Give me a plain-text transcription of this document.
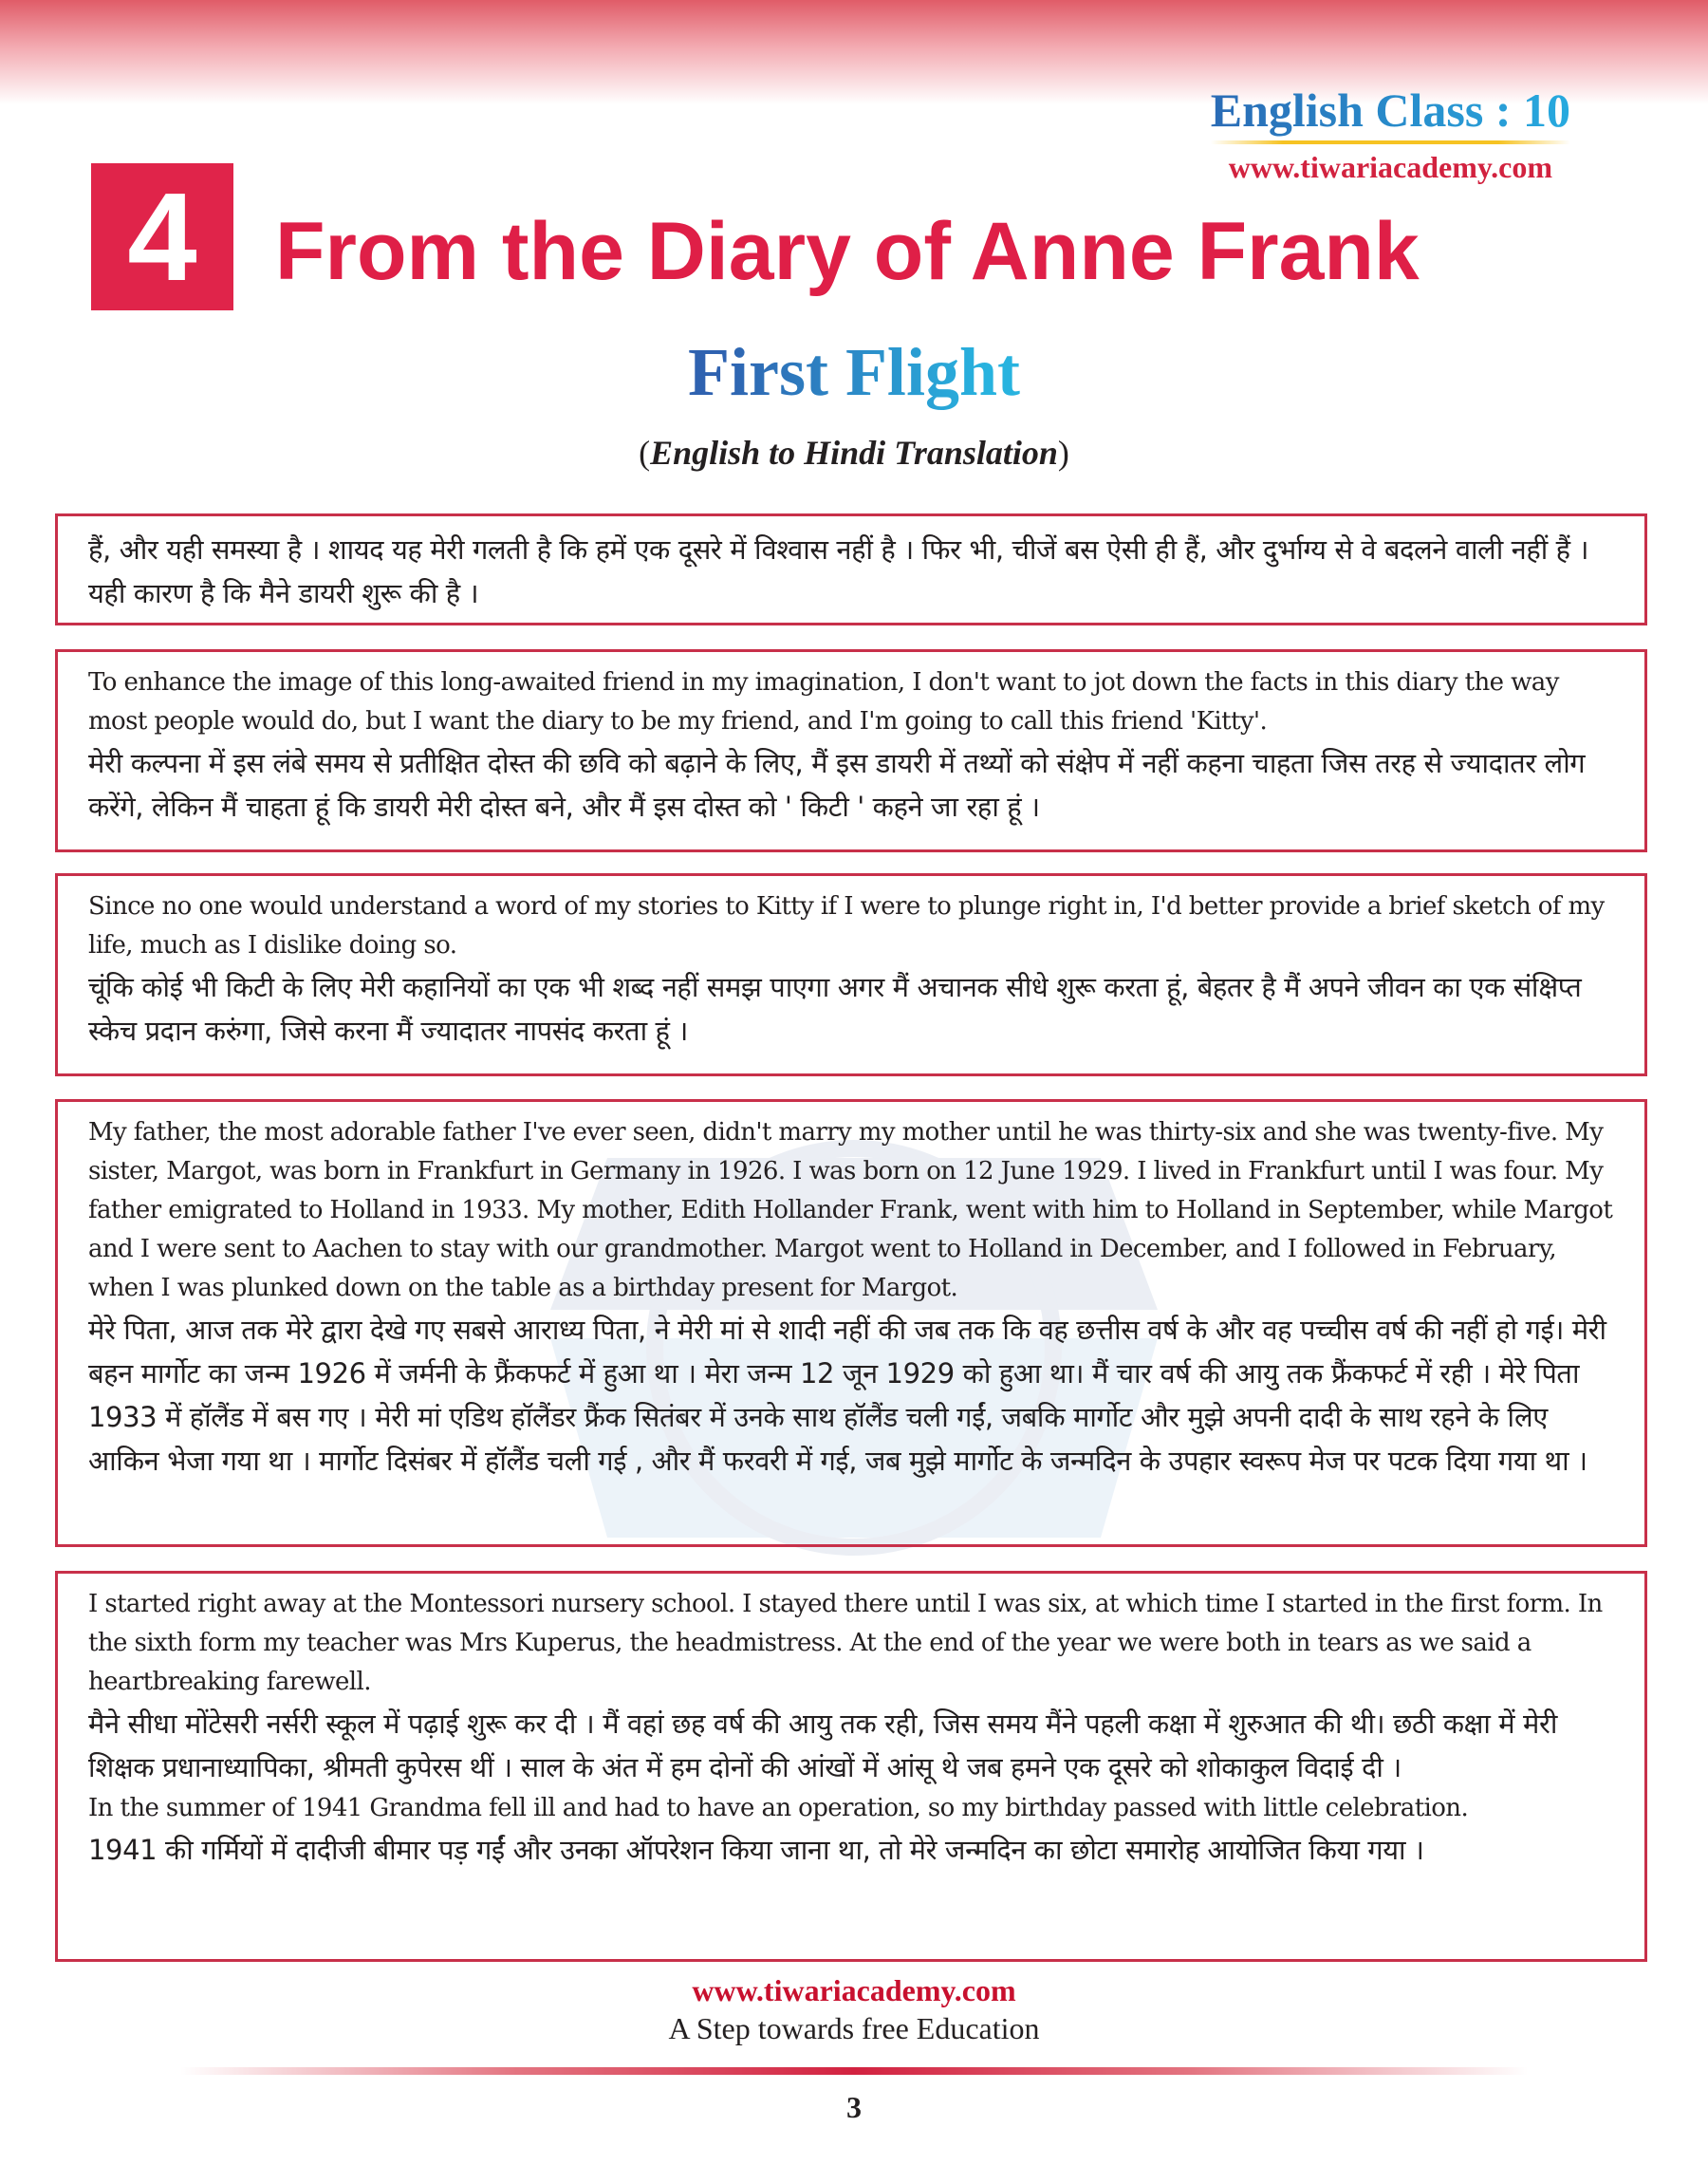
English Class : 10
www.tiwariacademy.com
4 From the Diary of Anne Frank
First Flight
(English to Hindi Translation)

हैं, और यही समस्या है । शायद यह मेरी गलती है कि हमें एक दूसरे में विश्वास नहीं है । फिर भी, चीजें बस ऐसी ही हैं, और दुर्भाग्य से वे बदलने वाली नहीं हैं । यही कारण है कि मैने डायरी शुरू की है ।

To enhance the image of this long-awaited friend in my imagination, I don't want to jot down the facts in this diary the way most people would do, but I want the diary to be my friend, and I'm going to call this friend 'Kitty'.

मेरी कल्पना में इस लंबे समय से प्रतीक्षित दोस्त की छवि को बढ़ाने के लिए, मैं इस डायरी में तथ्यों को संक्षेप में नहीं कहना चाहता जिस तरह से ज्यादातर लोग करेंगे, लेकिन मैं चाहता हूं कि डायरी मेरी दोस्त बने, और मैं इस दोस्त को ' किटी ' कहने जा रहा हूं ।

Since no one would understand a word of my stories to Kitty if I were to plunge right in, I'd better provide a brief sketch of my life, much as I dislike doing so.

चूंकि कोई भी किटी के लिए मेरी कहानियों का एक भी शब्द नहीं समझ पाएगा अगर मैं अचानक सीधे शुरू करता हूं, बेहतर है मैं अपने जीवन का एक संक्षिप्त स्केच प्रदान करुंगा, जिसे करना मैं ज्यादातर नापसंद करता हूं ।

My father, the most adorable father I've ever seen, didn't marry my mother until he was thirty-six and she was twenty-five. My sister, Margot, was born in Frankfurt in Germany in 1926. I was born on 12 June 1929. I lived in Frankfurt until I was four. My father emigrated to Holland in 1933. My mother, Edith Hollander Frank, went with him to Holland in September, while Margot and I were sent to Aachen to stay with our grandmother. Margot went to Holland in December, and I followed in February, when I was plunked down on the table as a birthday present for Margot.

मेरे पिता, आज तक मेरे द्वारा देखे गए सबसे आराध्य पिता, ने मेरी मां से शादी नहीं की जब तक कि वह छत्तीस वर्ष के और वह पच्चीस वर्ष की नहीं हो गई। मेरी बहन मार्गोट का जन्म 1926 में जर्मनी के फ्रैंकफर्ट में हुआ था । मेरा जन्म 12 जून 1929 को हुआ था। मैं चार वर्ष की आयु तक फ्रैंकफर्ट में रही । मेरे पिता 1933 में हॉलैंड में बस गए । मेरी मां एडिथ हॉलैंडर फ्रैंक सितंबर में उनके साथ हॉलैंड चली गईं, जबकि मार्गोट और मुझे अपनी दादी के साथ रहने के लिए आकिन भेजा गया था । मार्गोट दिसंबर में हॉलैंड चली गई , और मैं फरवरी में गई, जब मुझे मार्गोट के जन्मदिन के उपहार स्वरूप मेज पर पटक दिया गया था ।

I started right away at the Montessori nursery school. I stayed there until I was six, at which time I started in the first form. In the sixth form my teacher was Mrs Kuperus, the headmistress. At the end of the year we were both in tears as we said a heartbreaking farewell.

मैने सीधा मोंटेसरी नर्सरी स्कूल में पढ़ाई शुरू कर दी । मैं वहां छह वर्ष की आयु तक रही, जिस समय मैंने पहली कक्षा में शुरुआत की थी। छठी कक्षा में मेरी शिक्षक प्रधानाध्यापिका, श्रीमती कुपेरस थीं । साल के अंत में हम दोनों की आंखों में आंसू थे जब हमने एक दूसरे को शोकाकुल विदाई दी ।

In the summer of 1941 Grandma fell ill and had to have an operation, so my birthday passed with little celebration.

1941 की गर्मियों में दादीजी बीमार पड़ गईं और उनका ऑपरेशन किया जाना था, तो मेरे जन्मदिन का छोटा समारोह आयोजित किया गया ।

www.tiwariacademy.com
A Step towards free Education
3
